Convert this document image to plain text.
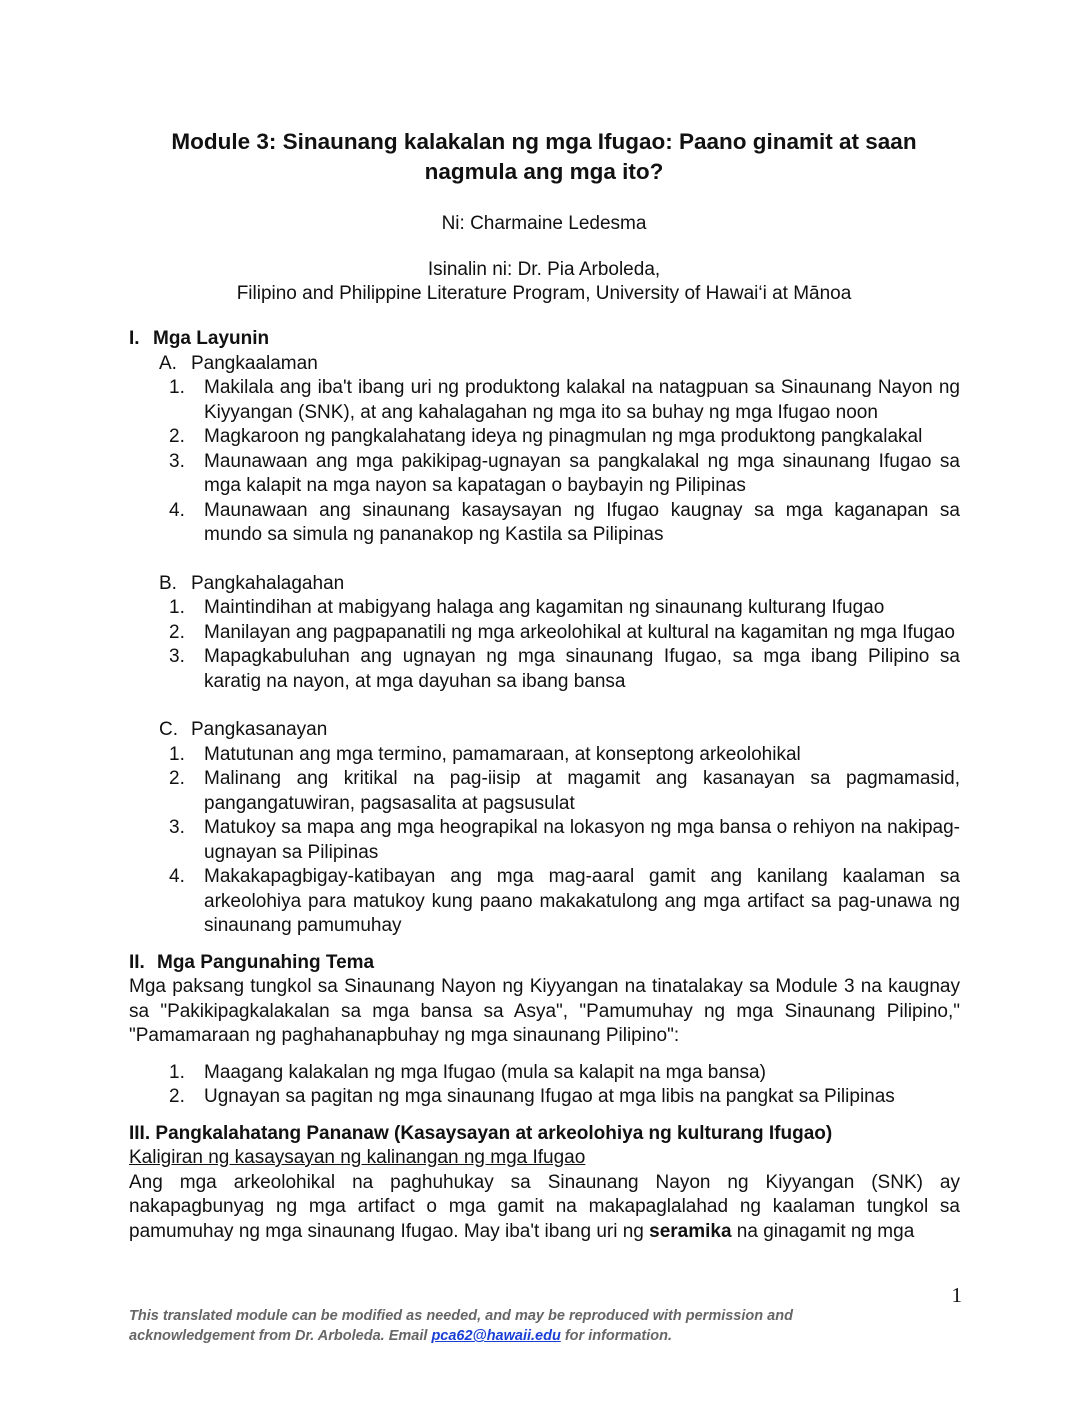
Module 3: Sinaunang kalakalan ng mga Ifugao: Paano ginamit at saan
nagmula ang mga ito?
Ni: Charmaine Ledesma
Isinalin ni: Dr. Pia Arboleda,
Filipino and Philippine Literature Program, University of Hawai‘i at Mānoa
I. Mga Layunin
A. Pangkaalaman
1.	Makilala ang iba't ibang uri ng produktong kalakal na natagpuan sa Sinaunang Nayon ng Kiyyangan (SNK), at ang kahalagahan ng mga ito sa buhay ng mga Ifugao noon
2.	Magkaroon ng pangkalahatang ideya ng pinagmulan ng mga produktong pangkalakal
3.	Maunawaan ang mga pakikipag-ugnayan sa pangkalakal ng mga sinaunang Ifugao sa mga kalapit na mga nayon sa kapatagan o baybayin ng Pilipinas
4.	Maunawaan ang sinaunang kasaysayan ng Ifugao kaugnay sa mga kaganapan sa mundo sa simula ng pananakop ng Kastila sa Pilipinas
B. Pangkahalagahan
1.	Maintindihan at mabigyang halaga ang kagamitan ng sinaunang kulturang Ifugao
2.	Manilayan ang pagpapanatili ng mga arkeolohikal at kultural na kagamitan ng mga Ifugao
3.	Mapagkabuluhan ang ugnayan ng mga sinaunang Ifugao, sa mga ibang Pilipino sa karatig na nayon, at mga dayuhan sa ibang bansa
C. Pangkasanayan
1.	Matutunan ang mga termino, pamamaraan, at konseptong arkeolohikal
2.	Malinang ang kritikal na pag-iisip at magamit ang kasanayan sa pagmamasid, pangangatuwiran, pagsasalita at pagsusulat
3.	Matukoy sa mapa ang mga heograpikal na lokasyon ng mga bansa o rehiyon na nakipag-ugnayan sa Pilipinas
4.	Makakapagbigay-katibayan ang mga mag-aaral gamit ang kanilang kaalaman sa arkeolohiya para matukoy kung paano makakatulong ang mga artifact sa pag-unawa ng sinaunang pamumuhay
II. Mga Pangunahing Tema

Mga paksang tungkol sa Sinaunang Nayon ng Kiyyangan na tinatalakay sa Module 3 na kaugnay sa "Pakikipagkalakalan sa mga bansa sa Asya", "Pamumuhay ng mga Sinaunang Pilipino," "Pamamaraan ng paghahanapbuhay ng mga sinaunang Pilipino":

1.	Maagang kalakalan ng mga Ifugao (mula sa kalapit na mga bansa)
2.	Ugnayan sa pagitan ng mga sinaunang Ifugao at mga libis na pangkat sa Pilipinas
III. Pangkalahatang Pananaw (Kasaysayan at arkeolohiya ng kulturang Ifugao)
Kaligiran ng kasaysayan ng kalinangan ng mga Ifugao

Ang mga arkeolohikal na paghuhukay sa Sinaunang Nayon ng Kiyyangan (SNK) ay nakapagbunyag ng mga artifact o mga gamit na makapaglalahad ng kaalaman tungkol sa pamumuhay ng mga sinaunang Ifugao. May iba't ibang uri ng seramika na ginagamit ng mga

1
This translated module can be modified as needed, and may be reproduced with permission and
acknowledgement from Dr. Arboleda. Email pca62@hawaii.edu for information.
